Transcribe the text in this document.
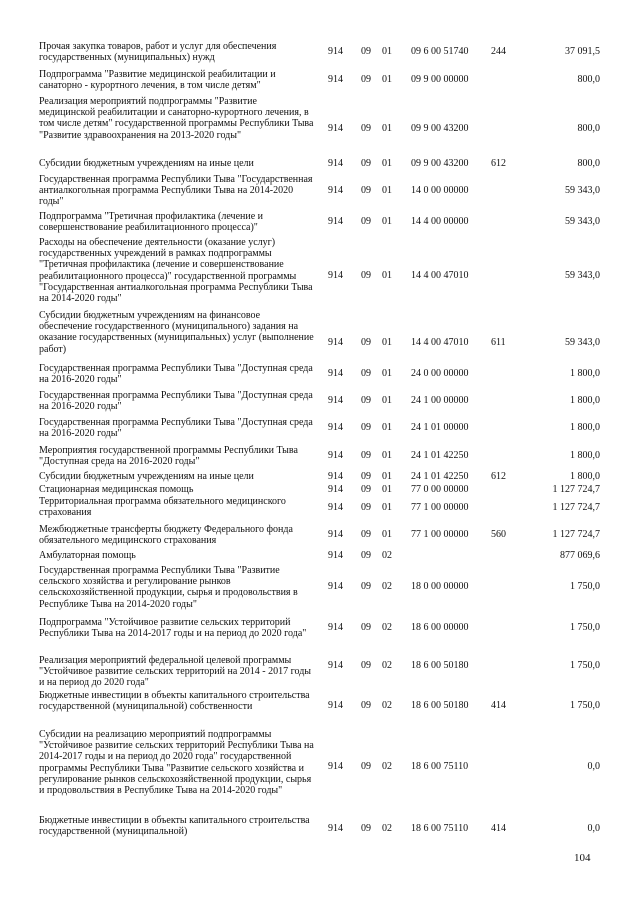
Прочая закупка товаров, работ и услуг для обеспечения государственных (муниципальных) нужд
914 09 01 09 6 00 51740 244	37 091,5
Подпрограмма "Развитие медицинской реабилитации и санаторно - курортного лечения, в том числе детям"
914 09 01 09 9 00 00000	800,0
Реализация мероприятий подпрограммы "Развитие медицинской реабилитации и санаторно-курортного лечения, в том числе детям" государственной программы Республики Тыва "Развитие здравоохранения на 2013-2020 годы"
914 09 01 09 9 00 43200	800,0
Субсидии бюджетным учреждениям на иные цели	914 09 01 09 9 00 43200 612	800,0
Государственная программа Республики Тыва "Государственная антиалкогольная программа Республики Тыва на 2014-2020 годы"
914 09 01 14 0 00 00000	59 343,0
Подпрограмма "Третичная профилактика (лечение и совершенствование реабилитационного процесса)"
914 09 01 14 4 00 00000	59 343,0
Расходы на обеспечение деятельности (оказание услуг) государственных учреждений в рамках подпрограммы "Третичная профилактика (лечение и совершенствование реабилитационного процесса)" государственной программы "Государственная антиалкогольная программа Республики Тыва на 2014-2020 годы"
914 09 01 14 4 00 47010	59 343,0
Субсидии бюджетным учреждениям на финансовое обеспечение государственного (муниципального) задания на оказание государственных (муниципальных) услуг (выполнение работ)
914 09 01 14 4 00 47010 611	59 343,0
Государственная программа Республики Тыва "Доступная среда на 2016-2020 годы"
914 09 01 24 0 00 00000	1 800,0
Государственная программа Республики Тыва "Доступная среда на 2016-2020 годы"
914 09 01 24 1 00 00000	1 800,0
Государственная программа Республики Тыва "Доступная среда на 2016-2020 годы"
914 09 01 24 1 01 00000	1 800,0
Мероприятия государственной программы Республики Тыва "Доступная среда на 2016-2020 годы"
914 09 01 24 1 01 42250	1 800,0
Субсидии бюджетным учреждениям на иные цели	914 09 01 24 1 01 42250 612	1 800,0
Стационарная медицинская помощь	914 09 01 77 0 00 00000	1 127 724,7
Территориальная программа обязательного медицинского страхования	914 09 01 77 1 00 00000	1 127 724,7
Межбюджетные трансферты бюджету Федерального фонда обязательного медицинского страхования
914 09 01 77 1 00 00000 560	1 127 724,7
Амбулаторная помощь	914 09 02	877 069,6
Государственная программа Республики Тыва "Развитие сельского хозяйства и регулирование рынков сельскохозяйственной продукции, сырья и продовольствия в Республике Тыва на 2014-2020 годы"
914 09 02 18 0 00 00000	1 750,0
Подпрограмма "Устойчивое развитие сельских территорий Республики Тыва на 2014-2017 годы и на период до 2020 года"
914 09 02 18 6 00 00000	1 750,0
Реализация мероприятий федеральной целевой программы "Устойчивое развитие сельских территорий на 2014 - 2017 годы и на период до 2020 года"
914 09 02 18 6 00 50180	1 750,0
Бюджетные инвестиции в объекты капитального строительства государственной (муниципальной) собственности	914 09 02 18 6 00 50180 414	1 750,0
Субсидии на реализацию мероприятий подпрограммы "Устойчивое развитие сельских территорий Республики Тыва на 2014-2017 годы и на период до 2020 года" государственной программы Республики Тыва "Развитие сельского хозяйства и регулирование рынков сельскохозяйственной продукции, сырья и продовольствия в Республике Тыва на 2014-2020 годы"
914 09 02 18 6 00 75110	0,0
Бюджетные инвестиции в объекты капитального строительства государственной (муниципальной)	914 09 02 18 6 00 75110 414	0,0
104
